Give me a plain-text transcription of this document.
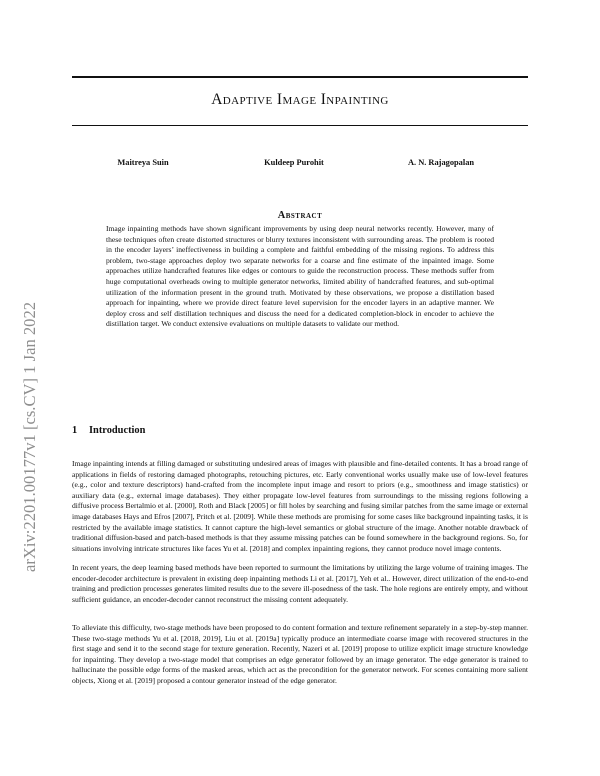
Adaptive Image Inpainting
Maitreya Suin	Kuldeep Purohit	A. N. Rajagopalan
Abstract

Image inpainting methods have shown significant improvements by using deep neural networks recently. However, many of these techniques often create distorted structures or blurry textures inconsistent with surrounding areas. The problem is rooted in the encoder layers’ ineffectiveness in building a complete and faithful embedding of the missing regions. To address this problem, two-stage approaches deploy two separate networks for a coarse and fine estimate of the inpainted image. Some approaches utilize handcrafted features like edges or contours to guide the reconstruction process. These methods suffer from huge computational overheads owing to multiple generator networks, limited ability of handcrafted features, and sub-optimal utilization of the information present in the ground truth. Motivated by these observations, we propose a distillation based approach for inpainting, where we provide direct feature level supervision for the encoder layers in an adaptive manner. We deploy cross and self distillation techniques and discuss the need for a dedicated completion-block in encoder to achieve the distillation target. We conduct extensive evaluations on multiple datasets to validate our method.

1 Introduction

Image inpainting intends at filling damaged or substituting undesired areas of images with plausible and fine-detailed contents. It has a broad range of applications in fields of restoring damaged photographs, retouching pictures, etc. Early conventional works usually make use of low-level features (e.g., color and texture descriptors) hand-crafted from the incomplete input image and resort to priors (e.g., smoothness and image statistics) or auxiliary data (e.g., external image databases). They either propagate low-level features from surroundings to the missing regions following a diffusive process Bertalmio et al. [2000], Roth and Black [2005] or fill holes by searching and fusing similar patches from the same image or external image databases Hays and Efros [2007], Pritch et al. [2009]. While these methods are promising for some cases like background inpainting tasks, it is restricted by the available image statistics. It cannot capture the high-level semantics or global structure of the image. Another notable drawback of traditional diffusion-based and patch-based methods is that they assume missing patches can be found somewhere in the background regions. So, for situations involving intricate structures like faces Yu et al. [2018] and complex inpainting regions, they cannot produce novel image contents.

In recent years, the deep learning based methods have been reported to surmount the limitations by utilizing the large volume of training images. The encoder-decoder architecture is prevalent in existing deep inpainting methods Li et al. [2017], Yeh et al.. However, direct utilization of the end-to-end training and prediction processes generates limited results due to the severe ill-posedness of the task. The hole regions are entirely empty, and without sufficient guidance, an encoder-decoder cannot reconstruct the missing content adequately.

To alleviate this difficulty, two-stage methods have been proposed to do content formation and texture refinement separately in a step-by-step manner. These two-stage methods Yu et al. [2018, 2019], Liu et al. [2019a] typically produce an intermediate coarse image with recovered structures in the first stage and send it to the second stage for texture generation. Recently, Nazeri et al. [2019] propose to utilize explicit image structure knowledge for inpainting. They develop a two-stage model that comprises an edge generator followed by an image generator. The edge generator is trained to hallucinate the possible edge forms of the masked areas, which act as the precondition for the generator network. For scenes containing more salient objects, Xiong et al. [2019] proposed a contour generator instead of the edge generator.

arXiv:2201.00177v1 [cs.CV] 1 Jan 2022
